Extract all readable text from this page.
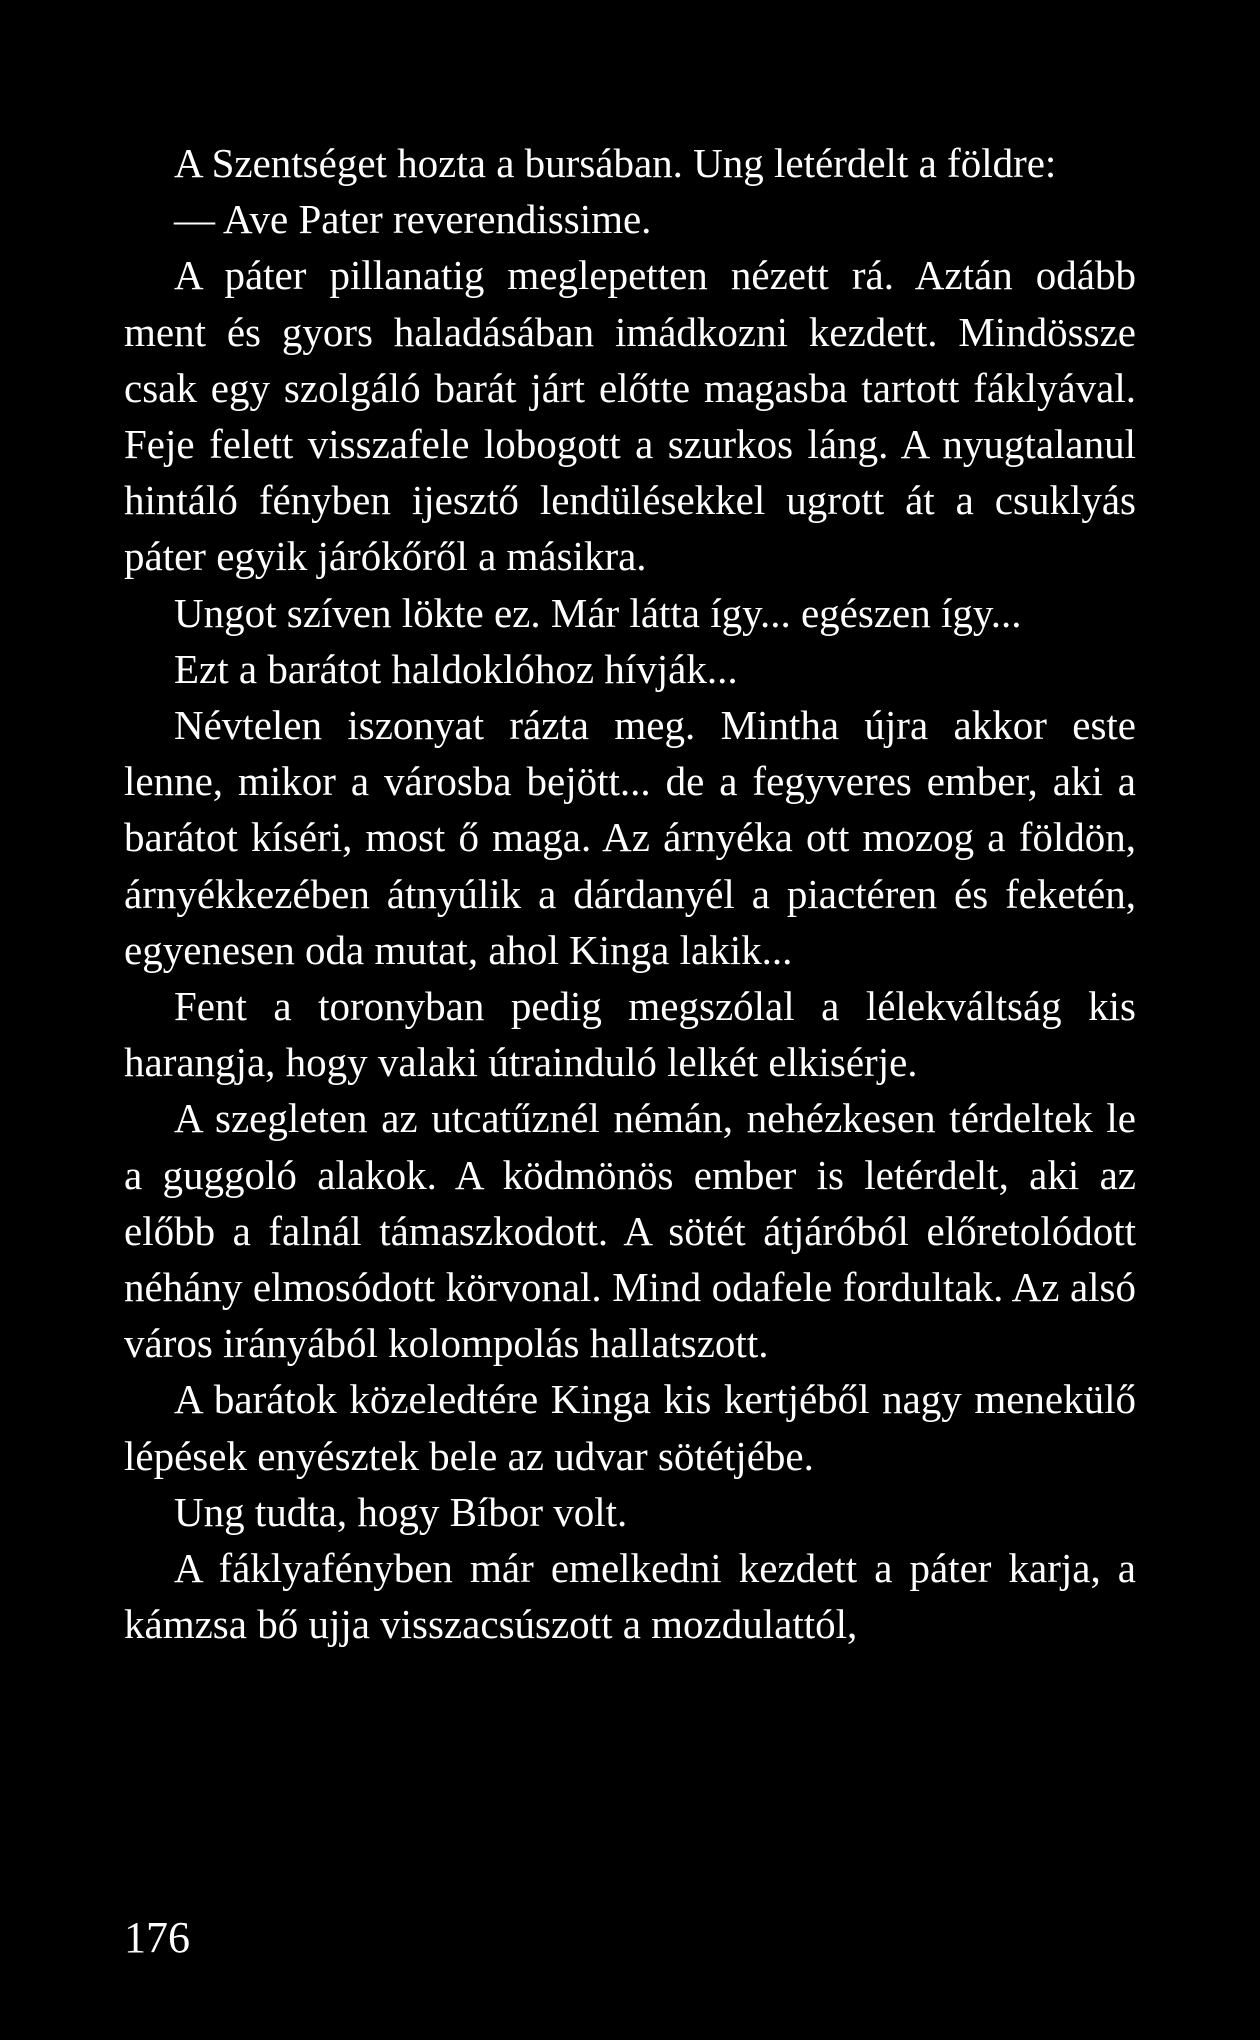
A Szentséget hozta a bursában. Ung letérdelt a földre:

— Ave Pater reverendissime.

A páter pillanatig meglepetten nézett rá. Aztán odább ment és gyors haladásában imádkozni kezdett. Mindössze csak egy szolgáló barát járt előtte magasba tartott fáklyával. Feje felett visszafele lobogott a szurkos láng. A nyugtalanul hintáló fényben ijesztő lendülésekkel ugrott át a csuklyás páter egyik járókőről a másikra.

Ungot szíven lökte ez. Már látta így... egészen így...

Ezt a barátot haldoklóhoz hívják...

Névtelen iszonyat rázta meg. Mintha újra akkor este lenne, mikor a városba bejött... de a fegyveres ember, aki a barátot kíséri, most ő maga. Az árnyéka ott mozog a földön, árnyékkezében átnyúlik a dárdanyél a piactéren és feketén, egyenesen oda mutat, ahol Kinga lakik...

Fent a toronyban pedig megszólal a lélekváltság kis harangja, hogy valaki útrainduló lelkét elkisérje.

A szegleten az utcatűznél némán, nehézkesen térdeltek le a guggoló alakok. A ködmönös ember is letérdelt, aki az előbb a falnál támaszkodott. A sötét átjáróból előretolódott néhány elmosódott körvonal. Mind odafele fordultak. Az alsó város irányából kolompolás hallatszott.

A barátok közeledtére Kinga kis kertjéből nagy menekülő lépések enyésztek bele az udvar sötétjébe.

Ung tudta, hogy Bíbor volt.

A fáklyafényben már emelkedni kezdett a páter karja, a kámzsa bő ujja visszacsúszott a mozdulattól,

176
